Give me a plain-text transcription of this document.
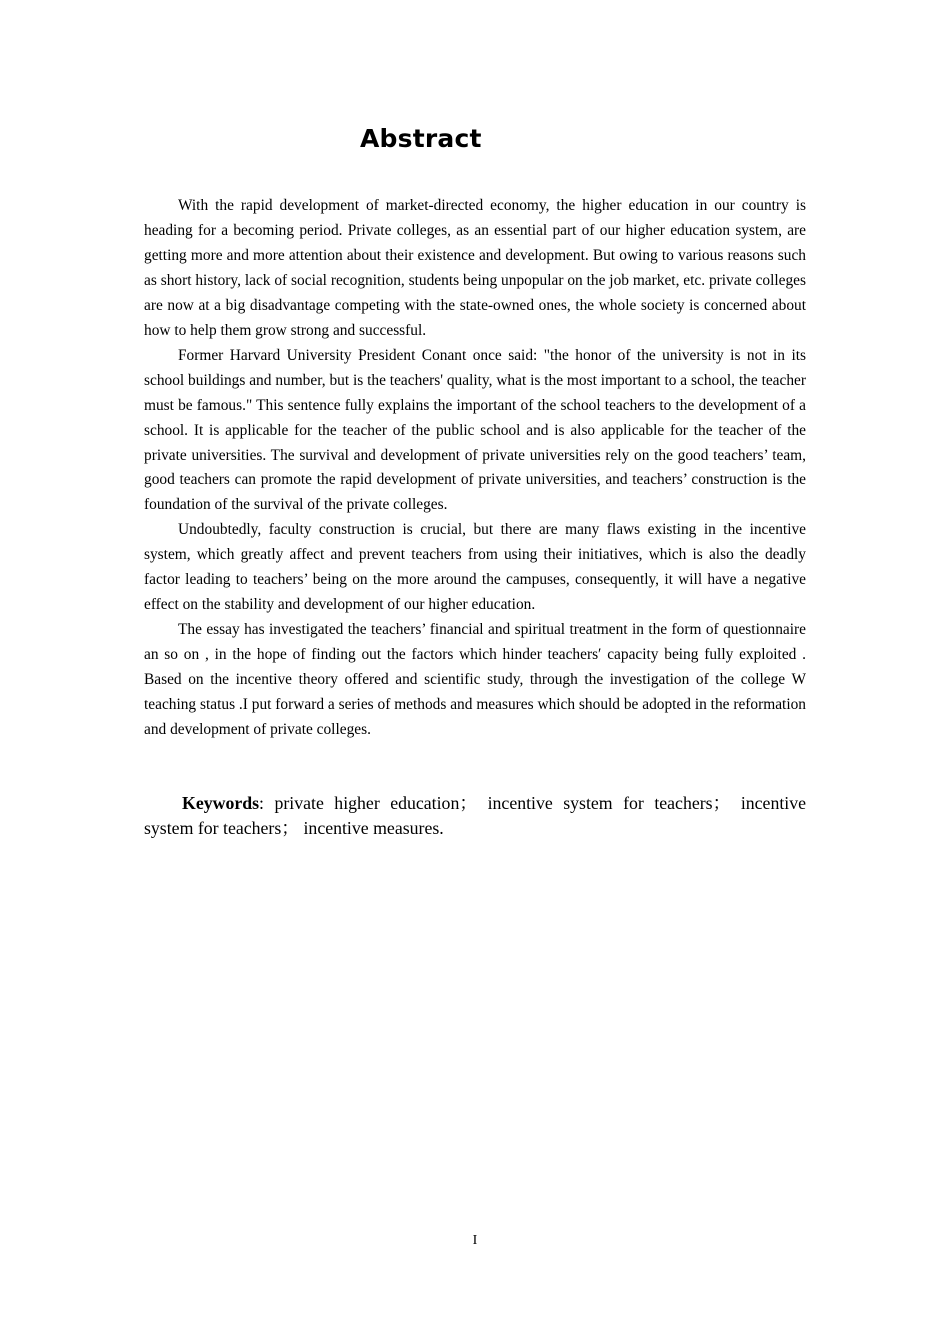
Abstract

With the rapid development of market-directed economy, the higher education in our country is heading for a becoming period. Private colleges, as an essential part of our higher education system, are getting more and more attention about their existence and development. But owing to various reasons such as short history, lack of social recognition, students being unpopular on the job market, etc. private colleges are now at a big disadvantage competing with the state-owned ones, the whole society is concerned about how to help them grow strong and successful.

Former Harvard University President Conant once said: "the honor of the university is not in its school buildings and number, but is the teachers' quality, what is the most important to a school, the teacher must be famous." This sentence fully explains the important of the school teachers to the development of a school. It is applicable for the teacher of the public school and is also applicable for the teacher of the private universities. The survival and development of private universities rely on the good teachers’ team, good teachers can promote the rapid development of private universities, and teachers’ construction is the foundation of the survival of the private colleges.

Undoubtedly, faculty construction is crucial, but there are many flaws existing in the incentive system, which greatly affect and prevent teachers from using their initiatives, which is also the deadly factor leading to teachers’ being on the more around the campuses, consequently, it will have a negative effect on the stability and development of our higher education.

The essay has investigated the teachers’ financial and spiritual treatment in the form of questionnaire an so on , in the hope of finding out the factors which hinder teachers′ capacity being fully exploited . Based on the incentive theory offered and scientific study, through the investigation of the college W teaching status .I put forward a series of methods and measures which should be adopted in the reformation and development of private colleges.

Keywords: private higher education； incentive system for teachers； incentive system for teachers； incentive measures.

I
